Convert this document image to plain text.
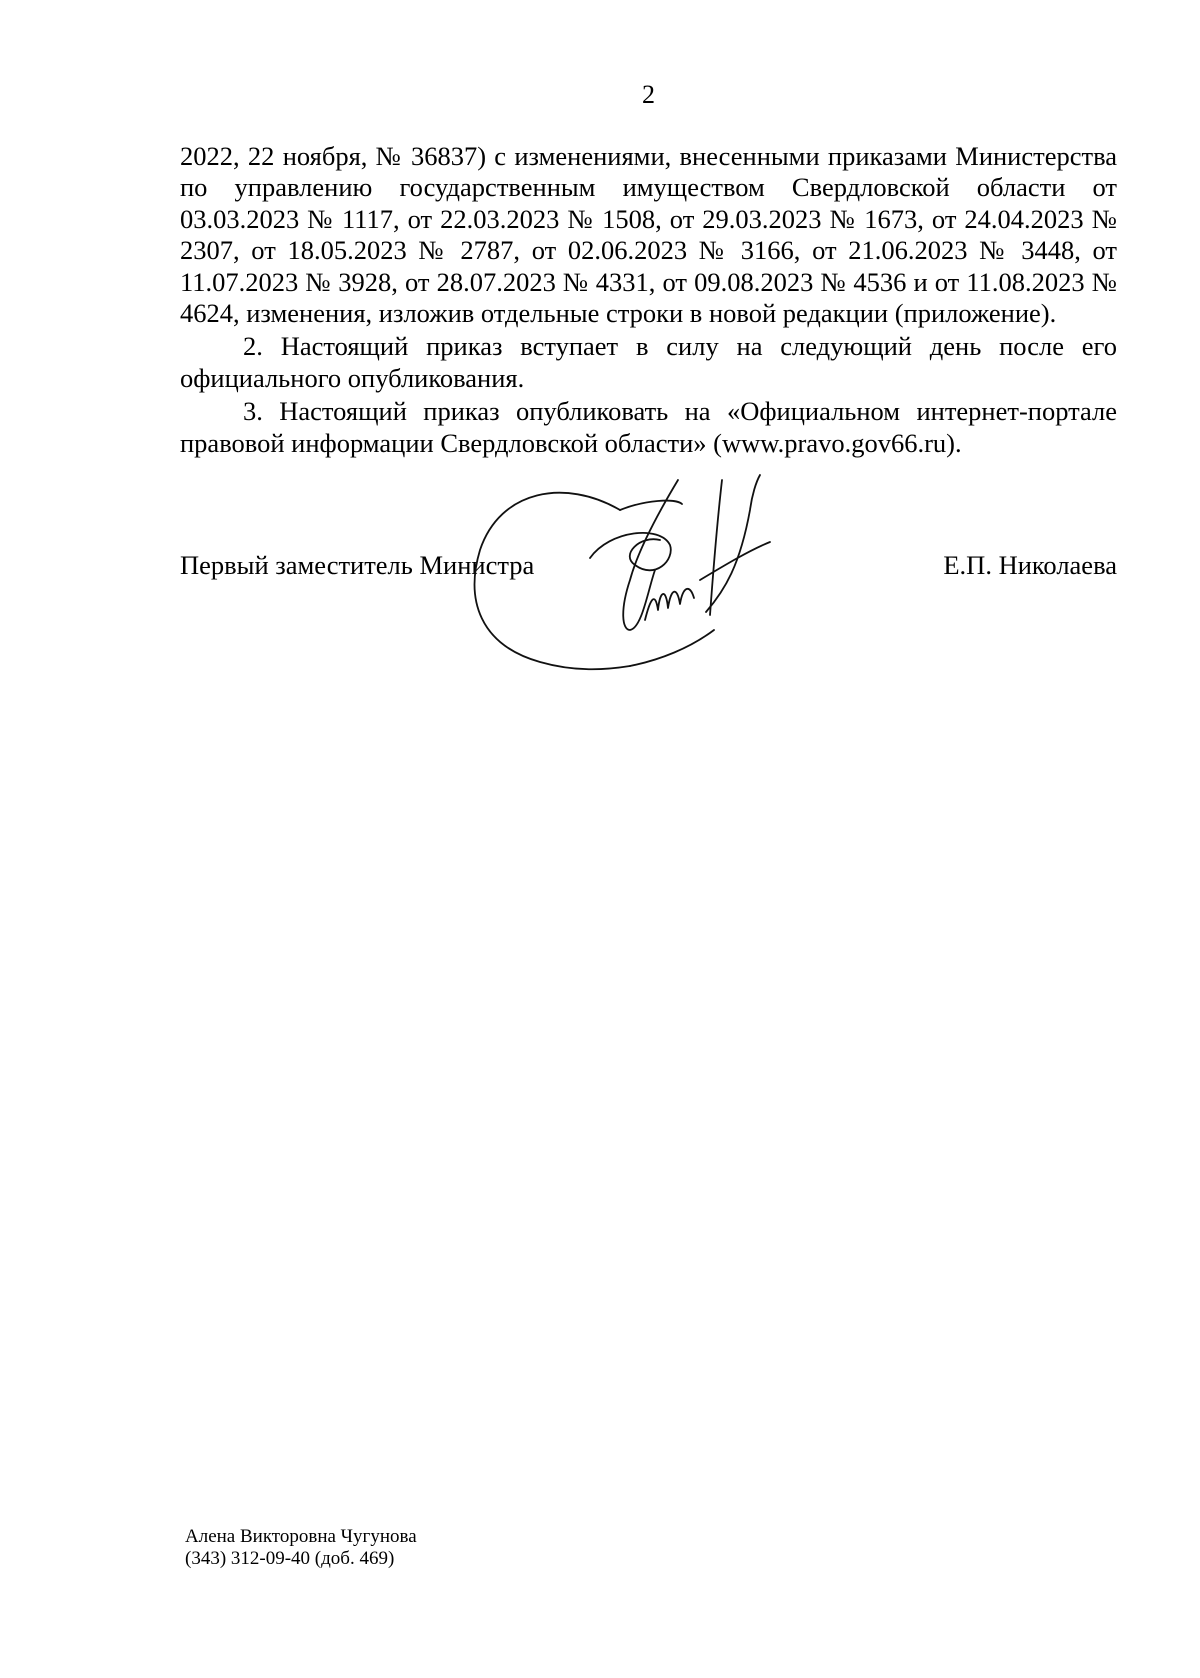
2

2022, 22 ноября, № 36837) с изменениями, внесенными приказами Министерства по управлению государственным имуществом Свердловской области от 03.03.2023 № 1117, от 22.03.2023 № 1508, от 29.03.2023 № 1673, от 24.04.2023 № 2307, от 18.05.2023 № 2787, от 02.06.2023 № 3166, от 21.06.2023 № 3448, от 11.07.2023 № 3928, от 28.07.2023 № 4331, от 09.08.2023 № 4536 и от 11.08.2023 № 4624, изменения, изложив отдельные строки в новой редакции (приложение).

2. Настоящий приказ вступает в силу на следующий день после его официального опубликования.

3. Настоящий приказ опубликовать на «Официальном интернет-портале правовой информации Свердловской области» (www.pravo.gov66.ru).

Первый заместитель Министра	Е.П. Николаева
Алена Викторовна Чугунова
(343) 312-09-40 (доб. 469)
